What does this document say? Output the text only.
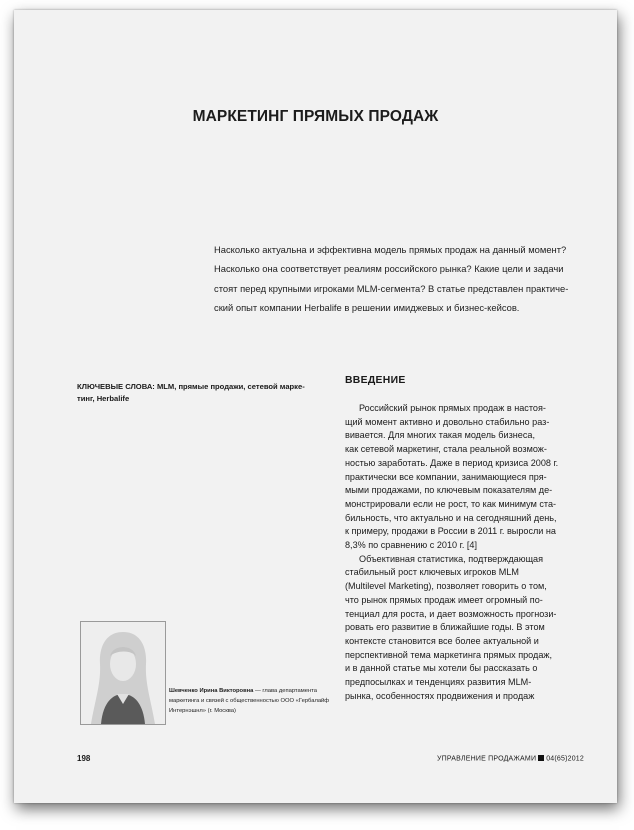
МАРКЕТИНГ ПРЯМЫХ ПРОДАЖ

Насколько актуальна и эффективна модель прямых продаж на данный момент?

Насколько она соответствует реалиям российского рынка? Какие цели и задачи

стоят перед крупными игроками MLM-сегмента? В статье представлен практиче-

ский опыт компании Herbalife в решении имиджевых и бизнес-кейсов.

КЛЮЧЕВЫЕ СЛОВА: MLM, прямые продажи, сетевой марке-

тинг, Herbalife

ВВЕДЕНИЕ

Российский рынок прямых продаж в настоя-

щий момент активно и довольно стабильно раз-

вивается. Для многих такая модель бизнеса,

как сетевой маркетинг, стала реальной возмож-

ностью заработать. Даже в период кризиса 2008 г.

практически все компании, занимающиеся пря-

мыми продажами, по ключевым показателям де-

монстрировали если не рост, то как минимум ста-

бильность, что актуально и на сегодняшний день,

к примеру, продажи в России в 2011 г. выросли на

8,3% по сравнению с 2010 г. [4]

Объективная статистика, подтверждающая

стабильный рост ключевых игроков MLM

(Multilevel Marketing), позволяет говорить о том,

что рынок прямых продаж имеет огромный по-

тенциал для роста, и дает возможность прогнози-

ровать его развитие в ближайшие годы. В этом

контексте становится все более актуальной и

перспективной тема маркетинга прямых продаж,

и в данной статье мы хотели бы рассказать о

предпосылках и тенденциях развития MLM-

рынка, особенностях продвижения и продаж

Шевченко Ирина Викторовна — глава департамента

маркетинга и связей с общественностью ООО «Гербалайф

Интернэшнл» (г. Москва)

198	УПРАВЛЕНИЕ ПРОДАЖАМИ 04(65)2012
